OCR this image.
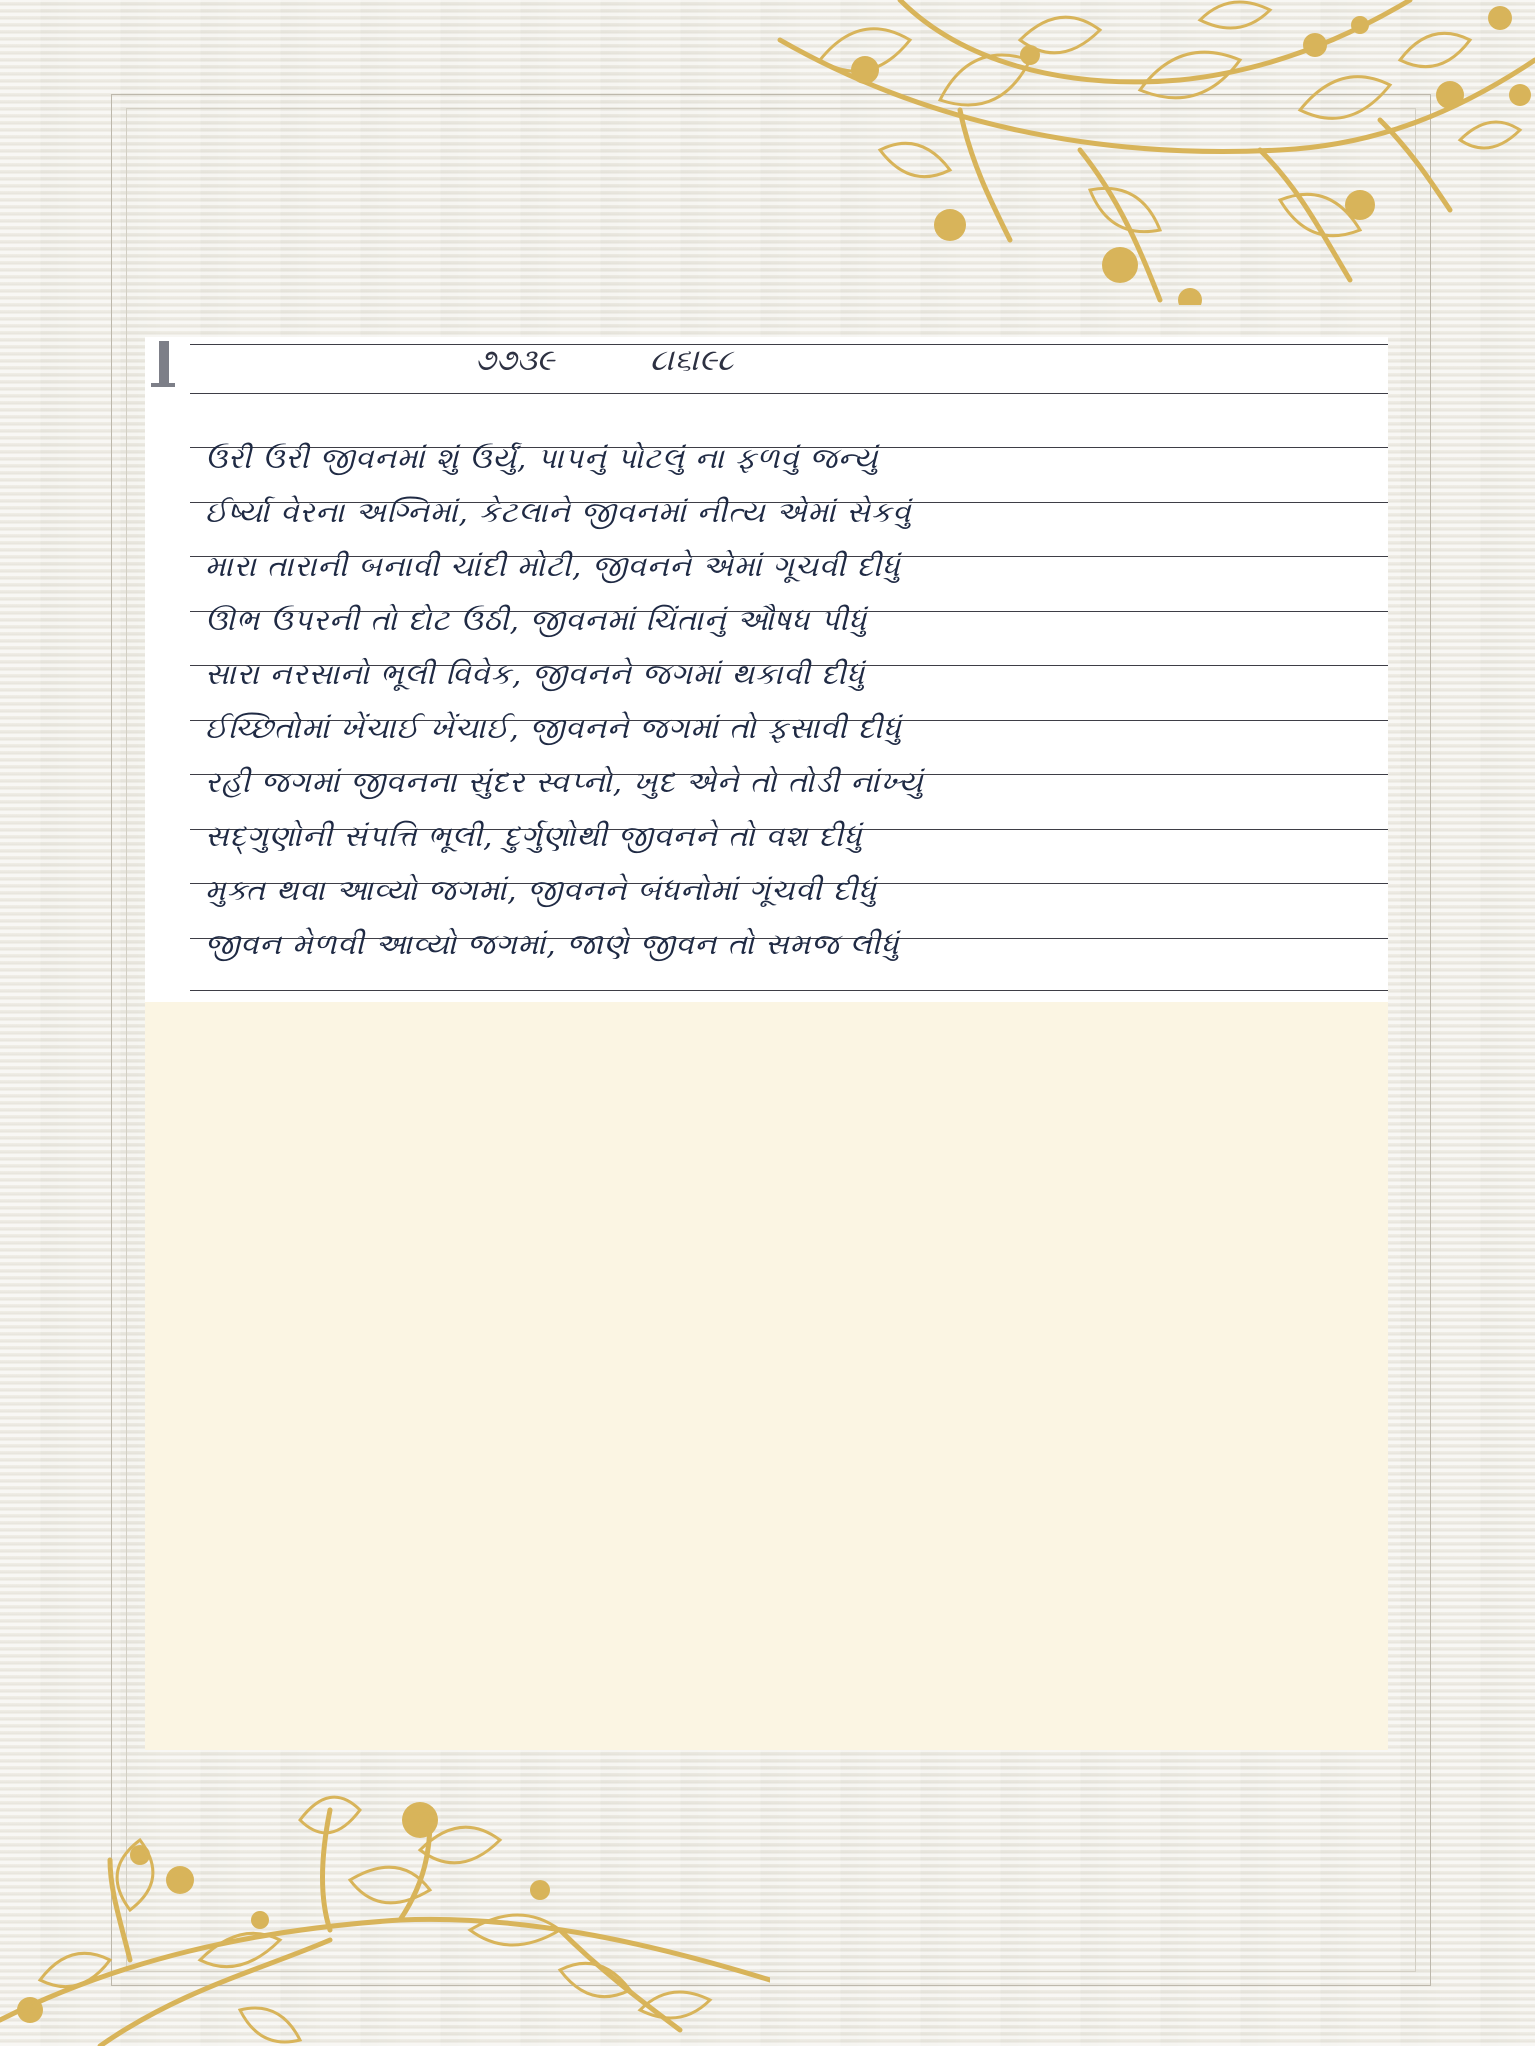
૭૭૩૯	૮।૬।૯૮
ઉરી ઉરી જીવનમાં શું ઉર્યું, પાપનું પોટલું ના ફળવું જન્યું
ઈર્ષ્યા વેરના અગ્નિમાં, કેટલાને જીવનમાં નીત્ય એમાં સેકવું
મારા તારાની બનાવી ચાંદી મોટી, જીવનને એમાં ગૂચવી દીધું
ઊભ ઉપરની તો દોટ ઉઠી, જીવનમાં ચિંતાનું ઔષધ પીધું
સારા નરસાનો ભૂલી વિવેક, જીવનને જગમાં થકાવી દીધું
ઈચ્છિતોમાં ખેંચાઈ ખેંચાઈ, જીવનને જગમાં તો ફસાવી દીધું
રહી જગમાં જીવનના સુંદર સ્વપ્નો, ખુદ એને તો તોડી નાંખ્યું
સદ્ગુણોની સંપત્તિ ભૂલી, દુર્ગુણોથી જીવનને તો વશ દીધું
મુક્ત થવા આવ્યો જગમાં, જીવનને બંધનોમાં ગૂંચવી દીધું
જીવન મેળવી આવ્યો જગમાં, જાણે જીવન તો સમજ લીધું
